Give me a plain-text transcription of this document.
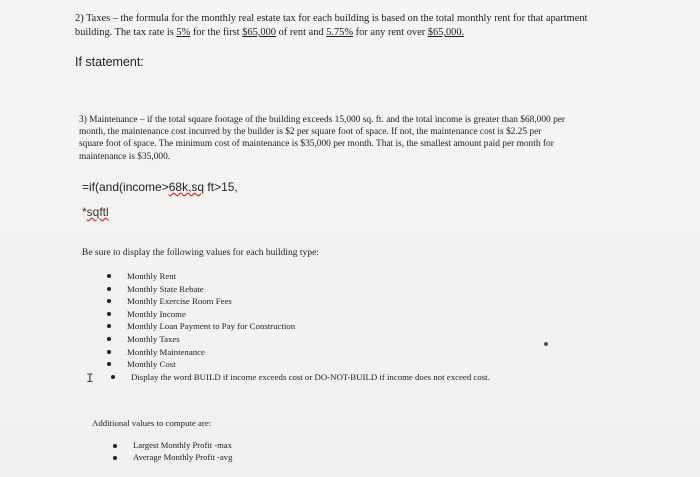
2) Taxes – the formula for the monthly real estate tax for each building is based on the total monthly rent for that apartment
building. The tax rate is 5% for the first $65,000 of rent and 5.75% for any rent over $65,000.
If statement:
3) Maintenance – if the total square footage of the building exceeds 15,000 sq. ft. and the total income is greater than $68,000 per
month, the maintenance cost incurred by the builder is $2 per square foot of space. If not, the maintenance cost is $2.25 per
square foot of space. The minimum cost of maintenance is $35,000 per month. That is, the smallest amount paid per month for
maintenance is $35,000.
=if(and(income>68k,sq ft>15,
*sqftl
Be sure to display the following values for each building type:
Monthly Rent
Monthly State Rebate
Monthly Exercise Room Fees
Monthly Income
Monthly Loan Payment to Pay for Construction
Monthly Taxes
Monthly Maintenance
Monthly Cost
Display the word BUILD if income exceeds cost or DO-NOT-BUILD if income does not exceed cost.
I
Additional values to compute are:
Largest Monthly Profit -max
Average Monthly Profit -avg
